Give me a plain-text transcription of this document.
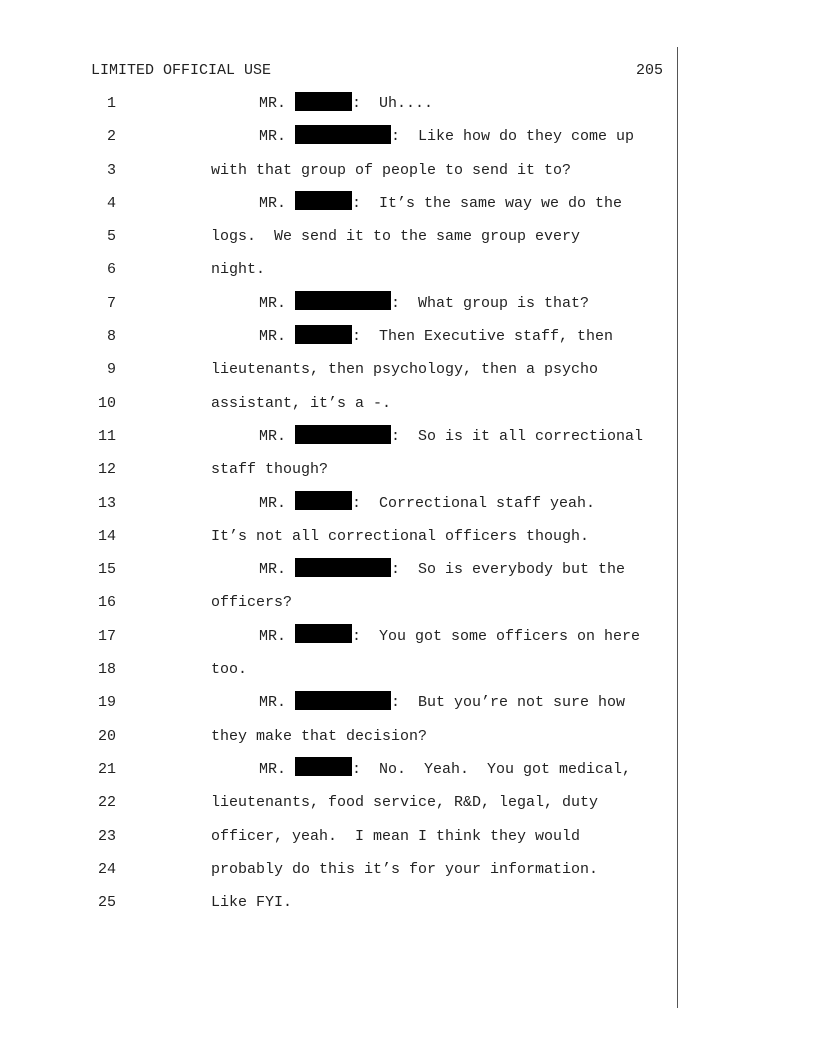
LIMITED OFFICIAL USE	205
1	MR.	:  Uh....
2	MR.	:  Like how do they come up
3	with that group of people to send it to?
4	MR.	:  It’s the same way we do the
5	logs.  We send it to the same group every
6	night.
7	MR.	:  What group is that?
8	MR.	:  Then Executive staff, then
9	lieutenants, then psychology, then a psycho
10	assistant, it’s a -.
11	MR.	:  So is it all correctional
12	staff though?
13	MR.	:  Correctional staff yeah.
14	It’s not all correctional officers though.
15	MR.	:  So is everybody but the
16	officers?
17	MR.	:  You got some officers on here
18	too.
19	MR.	:  But you’re not sure how
20	they make that decision?
21	MR.	:  No.  Yeah.  You got medical,
22	lieutenants, food service, R&D, legal, duty
23	officer, yeah.  I mean I think they would
24	probably do this it’s for your information.
25	Like FYI.
